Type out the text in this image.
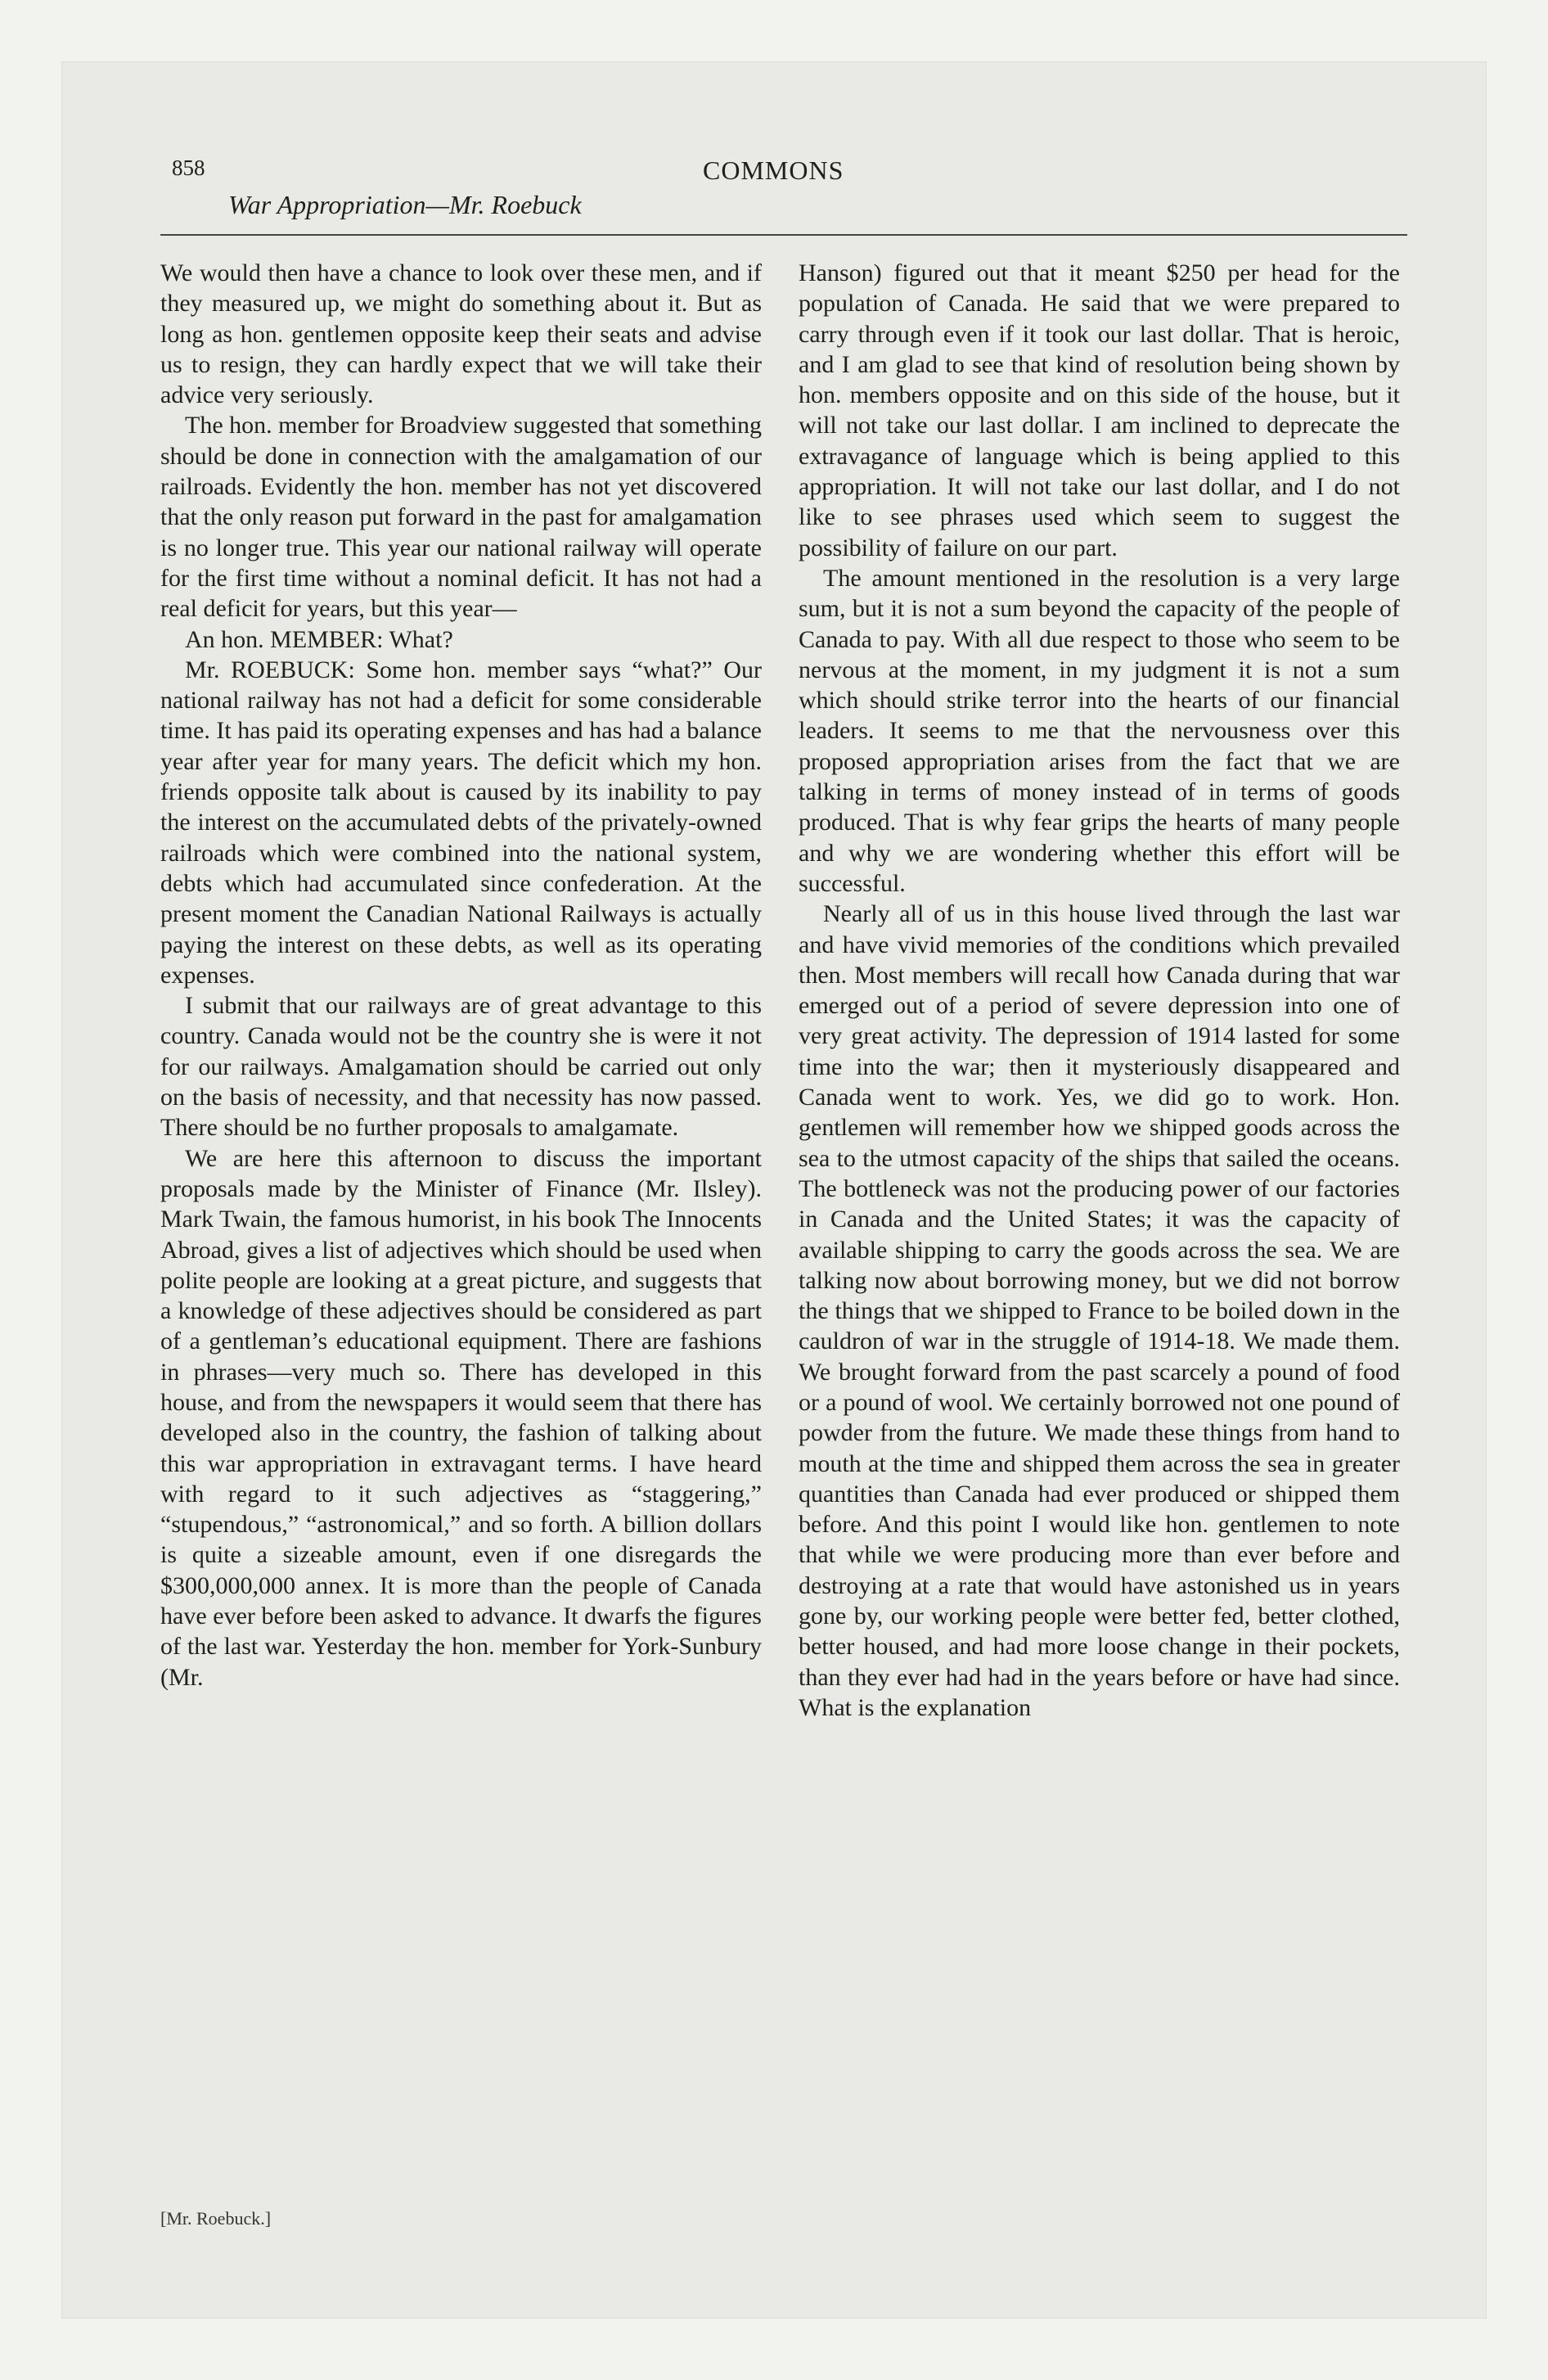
858	COMMONS
War Appropriation—Mr. Roebuck

We would then have a chance to look over these men, and if they measured up, we might do something about it. But as long as hon. gentlemen opposite keep their seats and advise us to resign, they can hardly expect that we will take their advice very seriously.

The hon. member for Broadview suggested that something should be done in connection with the amalgamation of our railroads. Evidently the hon. member has not yet discovered that the only reason put forward in the past for amalgamation is no longer true. This year our national railway will operate for the first time without a nominal deficit. It has not had a real deficit for years, but this year—

An hon. MEMBER: What?

Mr. ROEBUCK: Some hon. member says “what?” Our national railway has not had a deficit for some considerable time. It has paid its operating expenses and has had a balance year after year for many years. The deficit which my hon. friends opposite talk about is caused by its inability to pay the interest on the accumulated debts of the privately-owned railroads which were combined into the national system, debts which had accumulated since confederation. At the present moment the Canadian National Railways is actually paying the interest on these debts, as well as its operating expenses.

I submit that our railways are of great advantage to this country. Canada would not be the country she is were it not for our railways. Amalgamation should be carried out only on the basis of necessity, and that necessity has now passed. There should be no further proposals to amalgamate.

We are here this afternoon to discuss the important proposals made by the Minister of Finance (Mr. Ilsley). Mark Twain, the famous humorist, in his book The Innocents Abroad, gives a list of adjectives which should be used when polite people are looking at a great picture, and suggests that a knowledge of these adjectives should be considered as part of a gentleman’s educational equipment. There are fashions in phrases—very much so. There has developed in this house, and from the newspapers it would seem that there has developed also in the country, the fashion of talking about this war appropriation in extravagant terms. I have heard with regard to it such adjectives as “staggering,” “stupendous,” “astronomical,” and so forth. A billion dollars is quite a sizeable amount, even if one disregards the $300,000,000 annex. It is more than the people of Canada have ever before been asked to advance. It dwarfs the figures of the last war. Yesterday the hon. member for York-Sunbury (Mr.

Hanson) figured out that it meant $250 per head for the population of Canada. He said that we were prepared to carry through even if it took our last dollar. That is heroic, and I am glad to see that kind of resolution being shown by hon. members opposite and on this side of the house, but it will not take our last dollar. I am inclined to deprecate the extravagance of language which is being applied to this appropriation. It will not take our last dollar, and I do not like to see phrases used which seem to suggest the possibility of failure on our part.

The amount mentioned in the resolution is a very large sum, but it is not a sum beyond the capacity of the people of Canada to pay. With all due respect to those who seem to be nervous at the moment, in my judgment it is not a sum which should strike terror into the hearts of our financial leaders. It seems to me that the nervousness over this proposed appropriation arises from the fact that we are talking in terms of money instead of in terms of goods produced. That is why fear grips the hearts of many people and why we are wondering whether this effort will be successful.

Nearly all of us in this house lived through the last war and have vivid memories of the conditions which prevailed then. Most members will recall how Canada during that war emerged out of a period of severe depression into one of very great activity. The depression of 1914 lasted for some time into the war; then it mysteriously disappeared and Canada went to work. Yes, we did go to work. Hon. gentlemen will remember how we shipped goods across the sea to the utmost capacity of the ships that sailed the oceans. The bottleneck was not the producing power of our factories in Canada and the United States; it was the capacity of available shipping to carry the goods across the sea. We are talking now about borrowing money, but we did not borrow the things that we shipped to France to be boiled down in the cauldron of war in the struggle of 1914-18. We made them. We brought forward from the past scarcely a pound of food or a pound of wool. We certainly borrowed not one pound of powder from the future. We made these things from hand to mouth at the time and shipped them across the sea in greater quantities than Canada had ever produced or shipped them before. And this point I would like hon. gentlemen to note that while we were producing more than ever before and destroying at a rate that would have astonished us in years gone by, our working people were better fed, better clothed, better housed, and had more loose change in their pockets, than they ever had had in the years before or have had since. What is the explanation

[Mr. Roebuck.]
